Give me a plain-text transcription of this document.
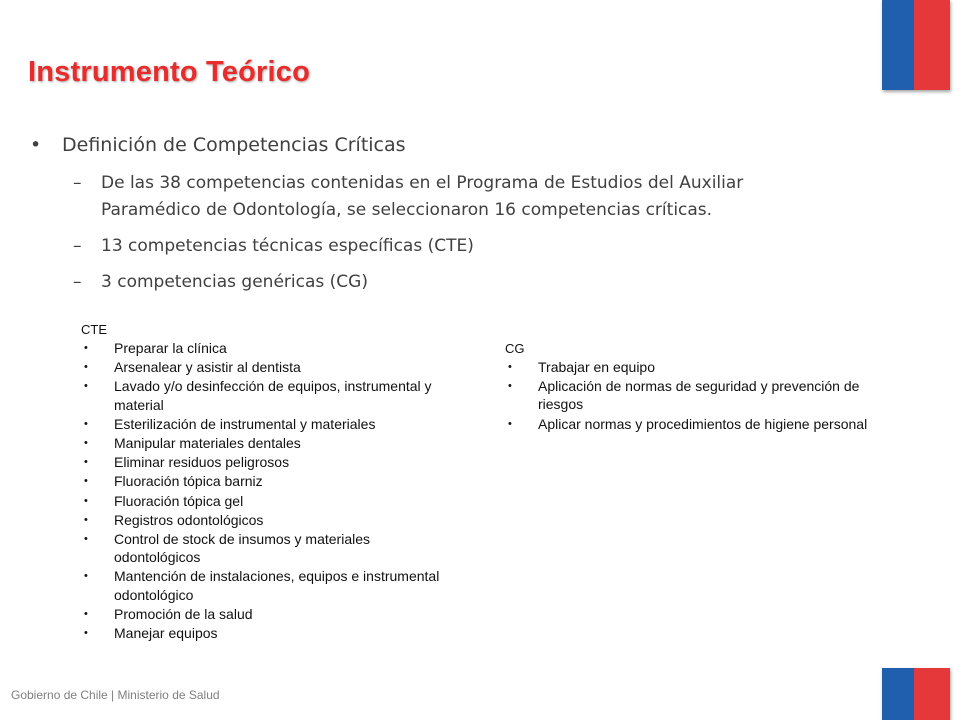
Instrumento Teórico
•	Definición de Competencias Críticas
–	De las 38 competencias contenidas en el Programa de Estudios del Auxiliar Paramédico de Odontología, se seleccionaron 16 competencias críticas.
–	13 competencias técnicas específicas (CTE)
–	3 competencias genéricas (CG)
CTE
•	Preparar la clínica
•	Arsenalear y asistir al dentista
•	Lavado y/o desinfección de equipos, instrumental y material
•	Esterilización de instrumental y materiales
•	Manipular materiales dentales
•	Eliminar residuos peligrosos
•	Fluoración tópica barniz
•	Fluoración tópica gel
•	Registros odontológicos
•	Control de stock de insumos y materiales odontológicos
•	Mantención de instalaciones, equipos e instrumental odontológico
•	Promoción de la salud
•	Manejar equipos
CG
•	Trabajar en equipo
•	Aplicación de normas de seguridad y prevención de riesgos
•	Aplicar normas y procedimientos de higiene personal
Gobierno de Chile | Ministerio de Salud
